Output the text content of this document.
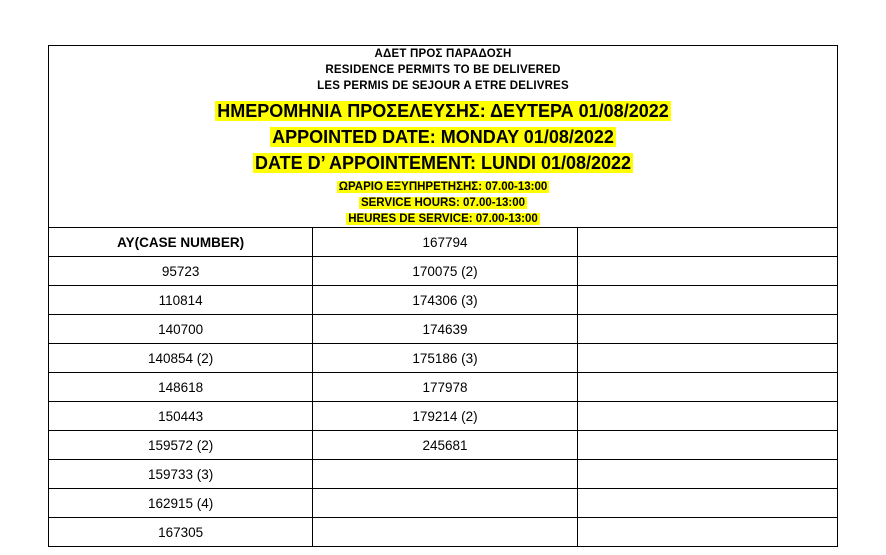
ΑΔΕΤ ΠΡΟΣ ΠΑΡΑΔΟΣΗ
RESIDENCE PERMITS TO BE DELIVERED
LES PERMIS DE SEJOUR A ETRE DELIVRES
ΗΜΕΡΟΜΗΝΙΑ ΠΡΟΣΕΛΕΥΣΗΣ: ΔΕΥΤΕΡΑ 01/08/2022
APPOINTED DATE: MONDAY 01/08/2022
DATE D’ APPOINTEMENT: LUNDI 01/08/2022
ΩΡΑΡΙΟ ΕΞΥΠΗΡΕΤΗΣΗΣ: 07.00-13:00
SERVICE HOURS: 07.00-13:00
HEURES DE SERVICE: 07.00-13:00

ΑΥ(CASE NUMBER)	167794	
95723	170075 (2)	
110814	174306 (3)	
140700	174639	
140854 (2)	175186 (3)	
148618	177978	
150443	179214 (2)	
159572 (2)	245681	
159733 (3)		
162915 (4)		
167305		
